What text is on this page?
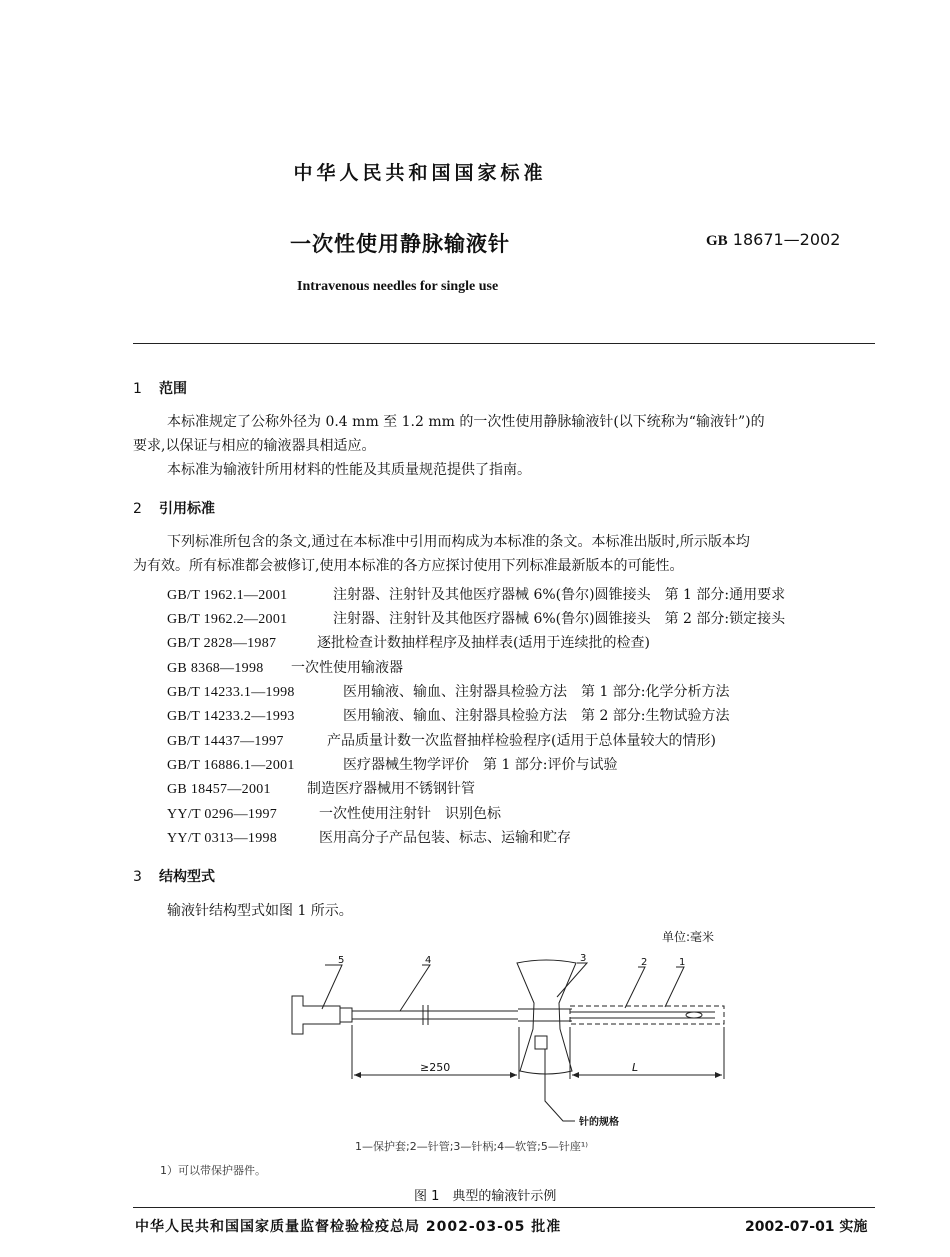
中华人民共和国国家标准
一次性使用静脉输液针	GB 18671—2002
Intravenous needles for single use
1 范围
本标准规定了公称外径为 0.4 mm 至 1.2 mm 的一次性使用静脉输液针(以下统称为“输液针”)的
要求,以保证与相应的输液器具相适应。
本标准为输液针所用材料的性能及其质量规范提供了指南。
2 引用标准
下列标准所包含的条文,通过在本标准中引用而构成为本标准的条文。本标准出版时,所示版本均
为有效。所有标准都会被修订,使用本标准的各方应探讨使用下列标准最新版本的可能性。
GB/T 1962.1—2001	注射器、注射针及其他医疗器械 6%(鲁尔)圆锥接头　第 1 部分:通用要求
GB/T 1962.2—2001	注射器、注射针及其他医疗器械 6%(鲁尔)圆锥接头　第 2 部分:锁定接头
GB/T 2828—1987	逐批检查计数抽样程序及抽样表(适用于连续批的检查)
GB 8368—1998 一次性使用输液器
GB/T 14233.1—1998	医用输液、输血、注射器具检验方法　第 1 部分:化学分析方法
GB/T 14233.2—1993	医用输液、输血、注射器具检验方法　第 2 部分:生物试验方法
GB/T 14437—1997	产品质量计数一次监督抽样检验程序(适用于总体量较大的情形)
GB/T 16886.1—2001	医疗器械生物学评价　第 1 部分:评价与试验
GB 18457—2001	制造医疗器械用不锈钢针管
YY/T 0296—1997	一次性使用注射针　识别色标
YY/T 0313—1998	医用高分子产品包装、标志、运输和贮存
3 结构型式
输液针结构型式如图 1 所示。
单位:毫米
5	4	3	2	1
≥250	L
针的规格
1—保护套;2—针管;3—针柄;4—软管;5—针座¹⁾
1）可以带保护器件。
图 1　典型的输液针示例
中华人民共和国国家质量监督检验检疫总局 2002-03-05 批准	2002-07-01 实施
